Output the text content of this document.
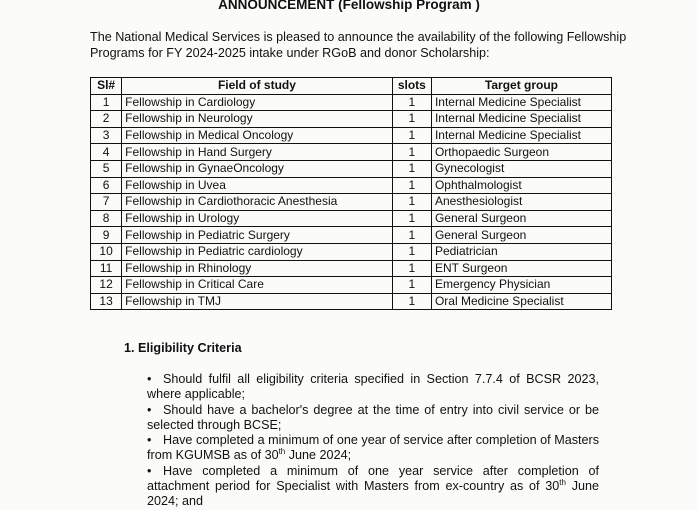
ANNOUNCEMENT (Fellowship Program )
The National Medical Services is pleased to announce the availability of the following Fellowship Programs for FY 2024-2025 intake under RGoB and donor Scholarship:
Sl#	Field of study	slots	Target group
1	Fellowship in Cardiology	1	Internal Medicine Specialist
2	Fellowship in Neurology	1	Internal Medicine Specialist
3	Fellowship in Medical Oncology	1	Internal Medicine Specialist
4	Fellowship in Hand Surgery	1	Orthopaedic Surgeon
5	Fellowship in GynaeOncology	1	Gynecologist
6	Fellowship in Uvea	1	Ophthalmologist
7	Fellowship in Cardiothoracic Anesthesia	1	Anesthesiologist
8	Fellowship in Urology	1	General Surgeon
9	Fellowship in Pediatric Surgery	1	General Surgeon
10	Fellowship in Pediatric cardiology	1	Pediatrician
11	Fellowship in Rhinology	1	ENT Surgeon
12	Fellowship in Critical Care	1	Emergency Physician
13	Fellowship in TMJ	1	Oral Medicine Specialist
1. Eligibility Criteria
• Should fulfil all eligibility criteria specified in Section 7.7.4 of BCSR 2023, where applicable;
• Should have a bachelor's degree at the time of entry into civil service or be selected through BCSE;
• Have completed a minimum of one year of service after completion of Masters from KGUMSB as of 30th June 2024;
• Have completed a minimum of one year service after completion of attachment period for Specialist with Masters from ex-country as of 30th June 2024; and
